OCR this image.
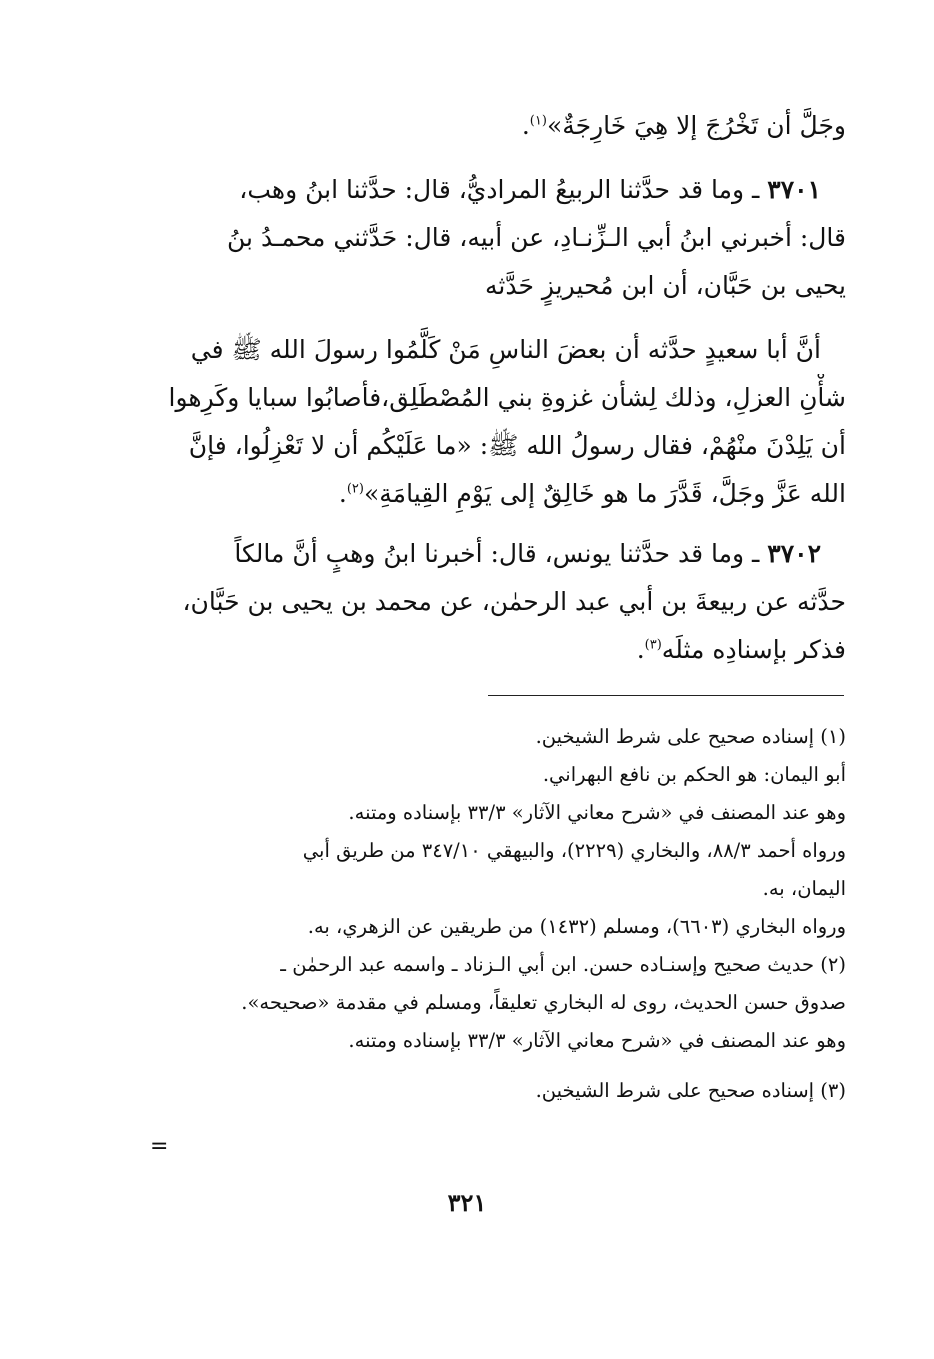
وجَلَّ أن تَخْرُجَ إلا هِيَ خَارِجَةٌ»$^{(١)}$.

 ٣٧٠١ ـ وما قد حدَّثنا الربيعُ المراديُّ، قال: حدَّثنا ابنُ وهب،
قال: أخبرني ابنُ أبي الـزِّنـادِ، عن أبيه، قال: حَدَّثني محمـدُ بنُ
يحيى بن حَبَّان، أن ابن مُحيريزٍ حَدَّثه
 أنَّ أبا سعيدٍ حدَّثه أن بعضَ الناسِ مَنْ كَلَّمُوا رسولَ الله ﷺ في
شأْنِ العزلِ، وذلك لِشأن غزوةِ بني المُصْطَلِق،فأصابُوا سبايا وكَرِهوا
أن يَلِدْنَ منْهُمْ، فقال رسولُ الله ﷺ: «ما عَلَيْكُم أن لا تَعْزِلُوا، فإنَّ
الله عَزَّ وجَلَّ، قَدَّرَ ما هو خَالِقٌ إلى يَوْمِ القِيامَةِ»$^{(٢)}$.
 ٣٧٠٢ ـ وما قد حدَّثنا يونس، قال: أخبرنا ابنُ وهبٍ أنَّ مالكاً
حدَّثه عن ربيعةَ بن أبي عبد الرحمٰن، عن محمد بن يحيى بن حَبَّان،
فذكر بإسنادِه مثلَه$^{(٣)}$.
(١) إسناده صحيح على شرط الشيخين.
أبو اليمان: هو الحكم بن نافع البهراني.
وهو عند المصنف في «شرح معاني الآثار» ٣٣/٣ بإسناده ومتنه.
ورواه أحمد ٨٨/٣، والبخاري (٢٢٢٩)، والبيهقي ٣٤٧/١٠ من طريق أبي
اليمان، به.
ورواه البخاري (٦٦٠٣)، ومسلم (١٤٣٢) من طريقين عن الزهري، به.
(٢) حديث صحيح وإسنـاده حسن. ابن أبي الـزناد ـ واسمه عبد الرحمٰن ـ
صدوق حسن الحديث، روى له البخاري تعليقاً، ومسلم في مقدمة «صحيحه».
وهو عند المصنف في «شرح معاني الآثار» ٣٣/٣ بإسناده ومتنه.
(٣) إسناده صحيح على شرط الشيخين.
=
٣٢١
